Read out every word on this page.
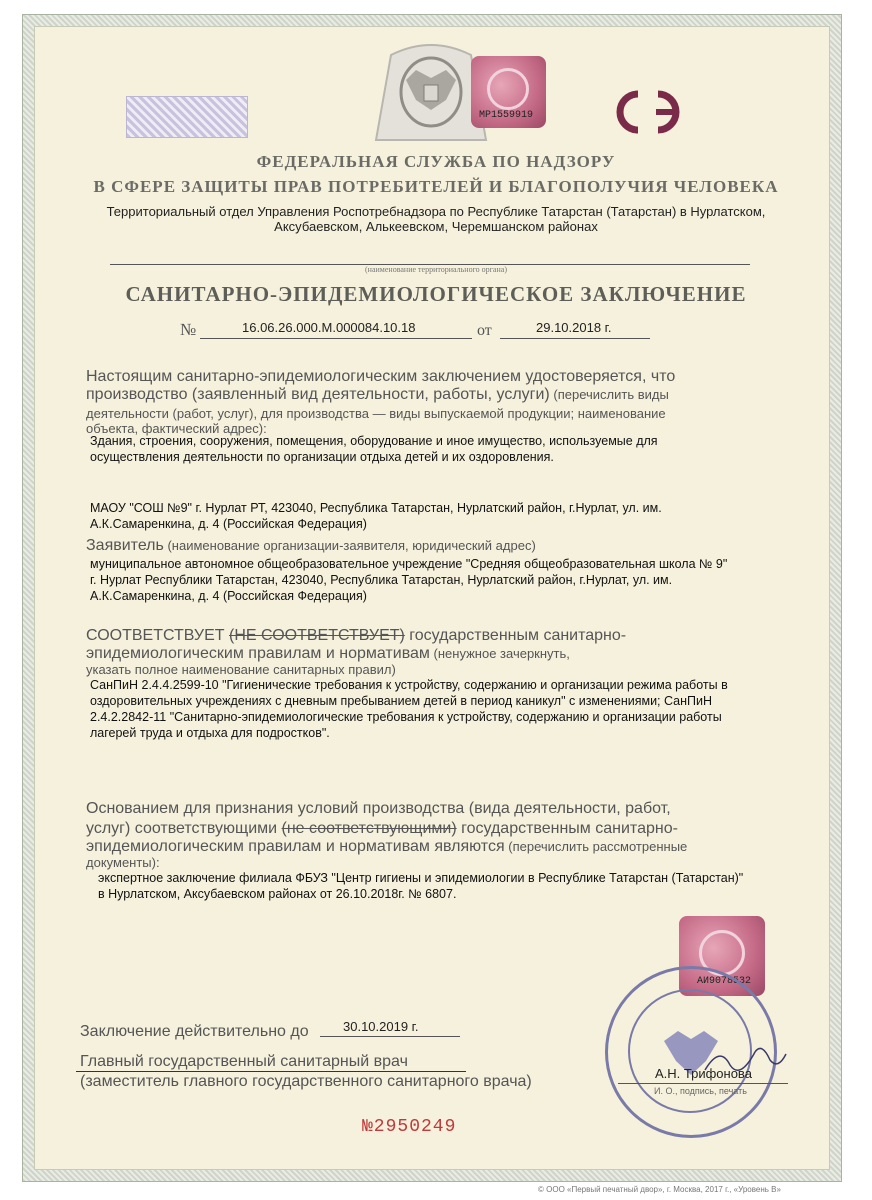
МР1559919
ФЕДЕРАЛЬНАЯ СЛУЖБА ПО НАДЗОРУ
В СФЕРЕ ЗАЩИТЫ ПРАВ ПОТРЕБИТЕЛЕЙ И БЛАГОПОЛУЧИЯ ЧЕЛОВЕКА
Территориальный отдел Управления Роспотребнадзора по Республике Татарстан (Татарстан) в Нурлатском,
Аксубаевском, Алькеевском, Черемшанском районах
(наименование территориального органа)
САНИТАРНО-ЭПИДЕМИОЛОГИЧЕСКОЕ ЗАКЛЮЧЕНИЕ
№	16.06.26.000.М.000084.10.18	от	29.10.2018 г.
Настоящим санитарно-эпидемиологическим заключением удостоверяется, что
производство (заявленный вид деятельности, работы, услуги) (перечислить виды
деятельности (работ, услуг), для производства — виды выпускаемой продукции; наименование
объекта, фактический адрес):
Здания, строения, сооружения, помещения, оборудование и иное имущество, используемые для
осуществления деятельности по организации отдыха детей и их оздоровления.
МАОУ "СОШ №9" г. Нурлат РТ, 423040, Республика Татарстан, Нурлатский район, г.Нурлат, ул. им.
А.К.Самаренкина, д. 4 (Российская Федерация)
Заявитель (наименование организации-заявителя, юридический адрес)
муниципальное автономное общеобразовательное учреждение "Средняя общеобразовательная школа № 9"
г. Нурлат Республики Татарстан, 423040, Республика Татарстан, Нурлатский район, г.Нурлат, ул. им.
А.К.Самаренкина, д. 4 (Российская Федерация)
СООТВЕТСТВУЕТ (НЕ СООТВЕТСТВУЕТ) государственным санитарно-
эпидемиологическим правилам и нормативам (ненужное зачеркнуть,
указать полное наименование санитарных правил)
СанПиН 2.4.4.2599-10 "Гигиенические требования к устройству, содержанию и организации режима работы в
оздоровительных учреждениях с дневным пребыванием детей в период каникул" с изменениями; СанПиН
2.4.2.2842-11 "Санитарно-эпидемиологические требования к устройству, содержанию и организации работы
лагерей труда и отдыха для подростков".
Основанием для признания условий производства (вида деятельности, работ,
услуг) соответствующими (не соответствующими) государственным санитарно-
эпидемиологическим правилам и нормативам являются (перечислить рассмотренные
документы):
экспертное заключение филиала ФБУЗ "Центр гигиены и эпидемиологии в Республике Татарстан (Татарстан)"
в Нурлатском, Аксубаевском районах от 26.10.2018г. № 6807.
АИ9078532
Заключение действительно до	30.10.2019 г.
Главный государственный санитарный врач
(заместитель главного государственного санитарного врача)	А.Н. Трифонова
И. О., подпись, печать
№2950249
© ООО «Первый печатный двор», г. Москва, 2017 г., «Уровень В»
